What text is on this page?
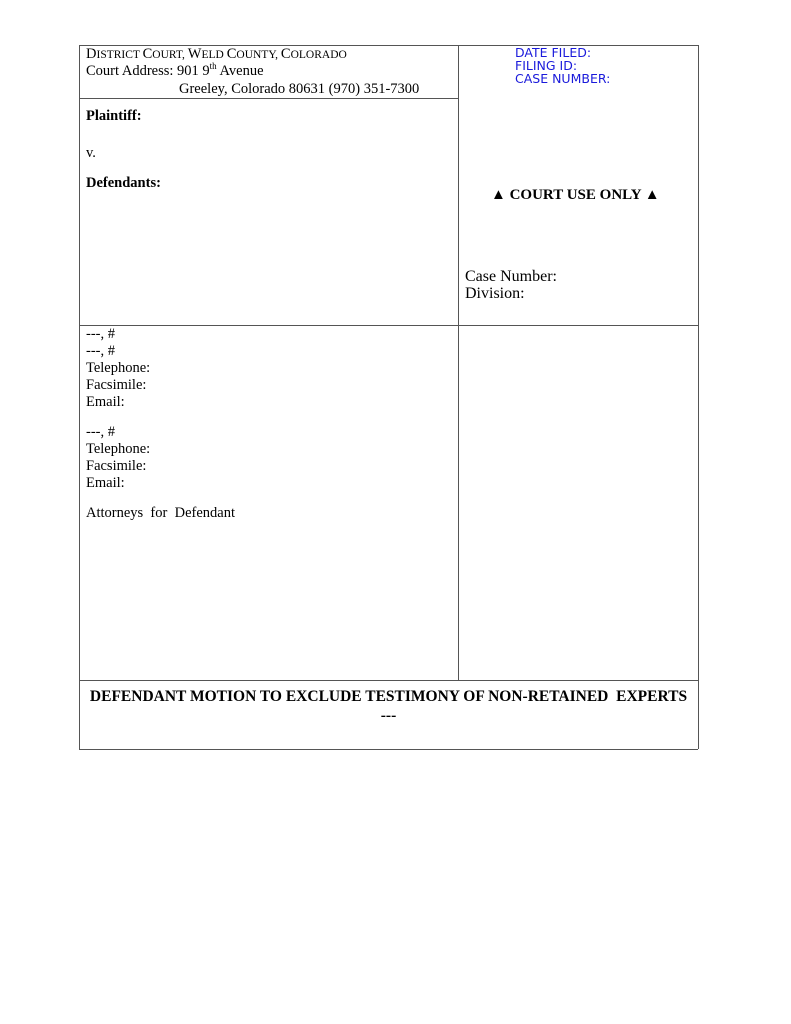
DISTRICT COURT, WELD COUNTY, COLORADO
Court Address: 901 9th Avenue
Greeley, Colorado 80631 (970) 351-7300
DATE FILED:
FILING ID:
CASE NUMBER:
Plaintiff:
v.
Defendants:
▲ COURT USE ONLY ▲
Case Number:
Division:
---, #
---, #
Telephone:
Facsimile:
Email:
---, #
Telephone:
Facsimile:
Email:
Attorneys  for  Defendant
DEFENDANT MOTION TO EXCLUDE TESTIMONY OF NON-RETAINED  EXPERTS
---
